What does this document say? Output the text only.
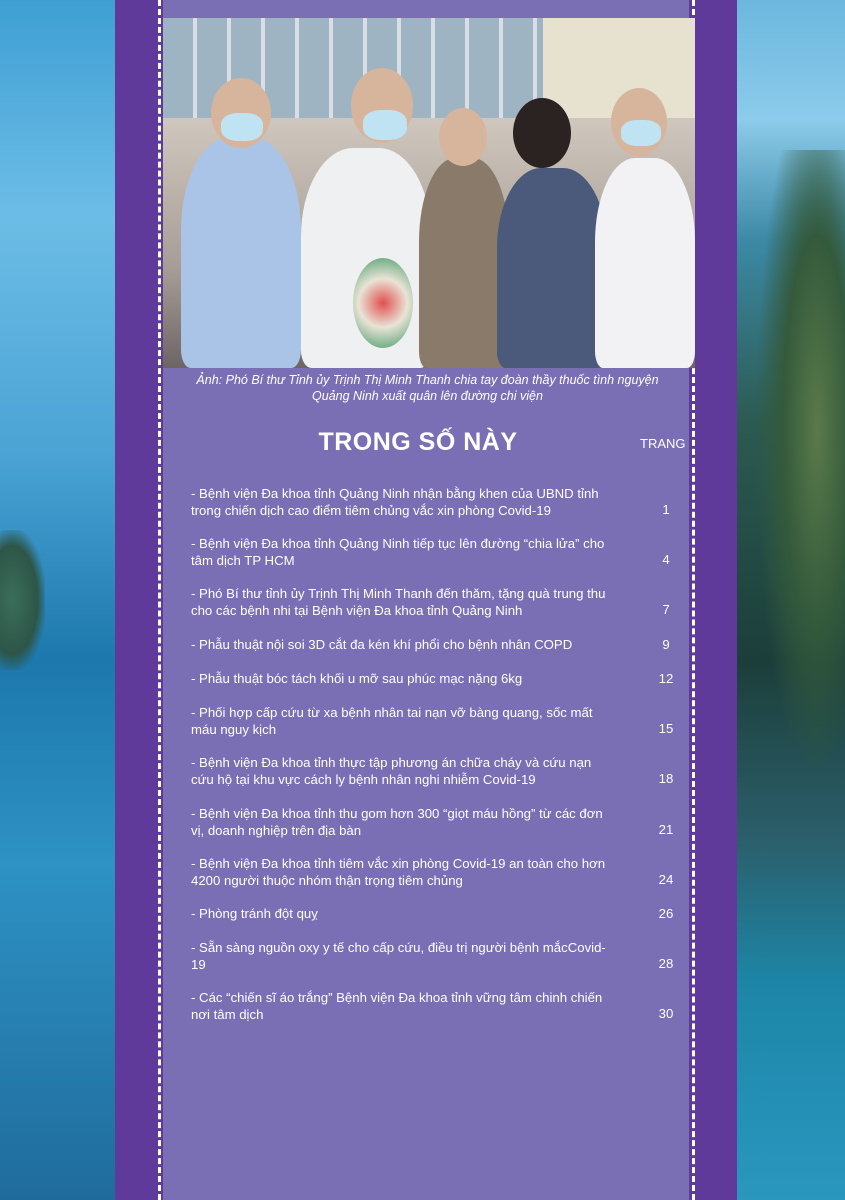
Ảnh: Phó Bí thư Tỉnh ủy Trịnh Thị Minh Thanh chia tay đoàn thầy thuốc tình nguyện
Quảng Ninh xuất quân lên đường chi viện
TRONG SỐ NÀY	TRANG
- Bệnh viện Đa khoa tỉnh Quảng Ninh nhận bằng khen của UBND tỉnh
trong chiến dịch cao điểm tiêm chủng vắc xin phòng Covid-19	1
- Bệnh viện Đa khoa tỉnh Quảng Ninh tiếp tục lên đường “chia lửa” cho
tâm dịch TP HCM	4
- Phó Bí thư tỉnh ủy Trịnh Thị Minh Thanh đến thăm, tặng quà trung thu
cho các bệnh nhi tại Bệnh viện Đa khoa tỉnh Quảng Ninh	7
- Phẫu thuật nội soi 3D cắt đa kén khí phổi cho bệnh nhân COPD	9
- Phẫu thuật bóc tách khối u mỡ sau phúc mạc nặng 6kg	12
- Phối hợp cấp cứu từ xa bệnh nhân tai nạn vỡ bàng quang, sốc mất
máu nguy kịch	15
- Bệnh viện Đa khoa tỉnh thực tập phương án chữa cháy và cứu nạn
cứu hộ tại khu vực cách ly bệnh nhân nghi nhiễm Covid-19	18
- Bệnh viện Đa khoa tỉnh thu gom hơn 300 “giọt máu hồng” từ các đơn
vị, doanh nghiệp trên địa bàn	21
- Bệnh viện Đa khoa tỉnh tiêm vắc xin phòng Covid-19 an toàn cho hơn
4200 người thuộc nhóm thận trọng tiêm chủng	24
- Phòng tránh đột quỵ	26
- Sẵn sàng nguồn oxy y tế cho cấp cứu, điều trị người bệnh mắcCovid-
19	28
- Các “chiến sĩ áo trắng” Bệnh viện Đa khoa tỉnh vững tâm chinh chiến
nơi tâm dịch	30
